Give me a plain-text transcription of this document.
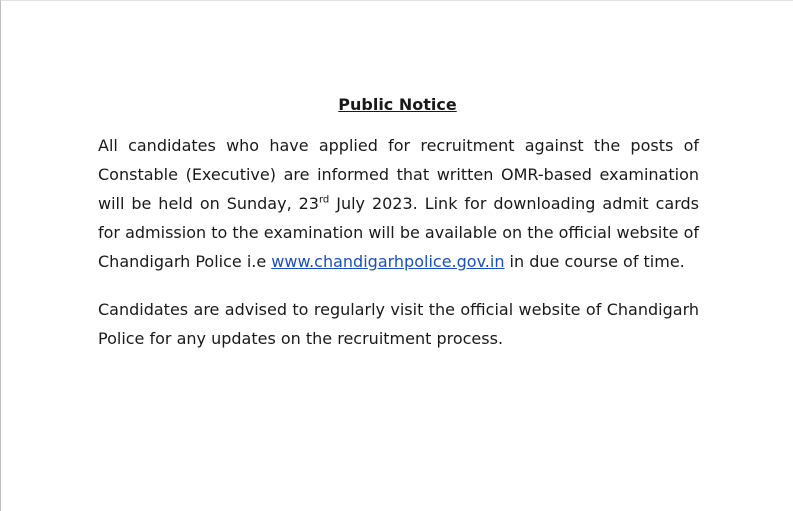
Public Notice

All candidates who have applied for recruitment against the posts of Constable (Executive) are informed that written OMR-based examination will be held on Sunday, 23rd July 2023. Link for downloading admit cards for admission to the examination will be available on the official website of Chandigarh Police i.e www.chandigarhpolice.gov.in in due course of time.

Candidates are advised to regularly visit the official website of Chandigarh Police for any updates on the recruitment process.
